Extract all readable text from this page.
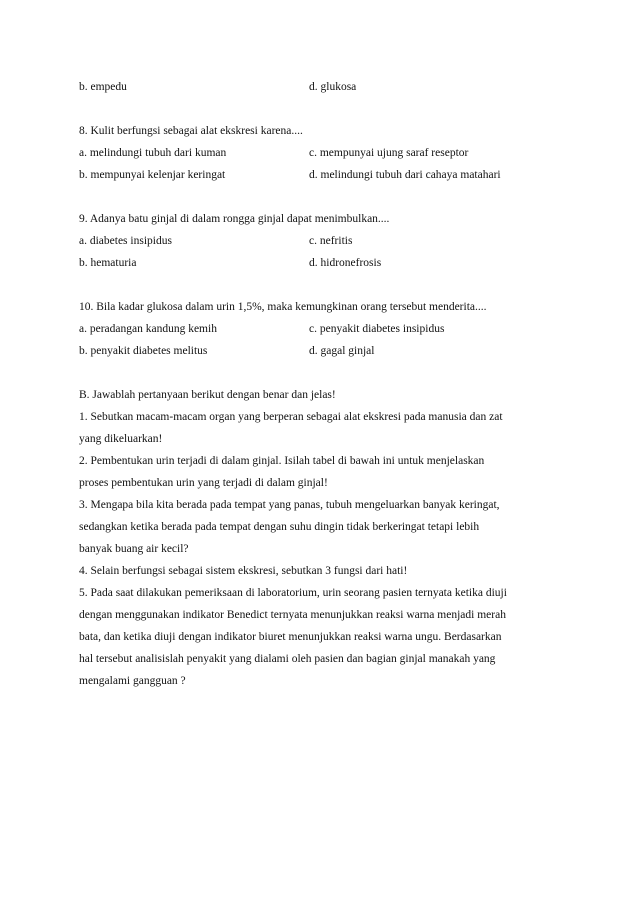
b. empedu	d. glukosa
8. Kulit berfungsi sebagai alat ekskresi karena....
a. melindungi tubuh dari kuman	c. mempunyai ujung saraf reseptor
b. mempunyai kelenjar keringat	d. melindungi tubuh dari cahaya matahari
9. Adanya batu ginjal di dalam rongga ginjal dapat menimbulkan....
a. diabetes insipidus	c. nefritis
b. hematuria	d. hidronefrosis
10. Bila kadar glukosa dalam urin 1,5%, maka kemungkinan orang tersebut menderita....
a. peradangan kandung kemih	c. penyakit diabetes insipidus
b. penyakit diabetes melitus	d. gagal ginjal
B. Jawablah pertanyaan berikut dengan benar dan jelas!
1. Sebutkan macam-macam organ yang berperan sebagai alat ekskresi pada manusia dan zat
yang dikeluarkan!
2. Pembentukan urin terjadi di dalam ginjal. Isilah tabel di bawah ini untuk menjelaskan
proses pembentukan urin yang terjadi di dalam ginjal!
3. Mengapa bila kita berada pada tempat yang panas, tubuh mengeluarkan banyak keringat,
sedangkan ketika berada pada tempat dengan suhu dingin tidak berkeringat tetapi lebih
banyak buang air kecil?
4. Selain berfungsi sebagai sistem ekskresi, sebutkan 3 fungsi dari hati!
5. Pada saat dilakukan pemeriksaan di laboratorium, urin seorang pasien ternyata ketika diuji
dengan menggunakan indikator Benedict ternyata menunjukkan reaksi warna menjadi merah
bata, dan ketika diuji dengan indikator biuret menunjukkan reaksi warna ungu. Berdasarkan
hal tersebut analisislah penyakit yang dialami oleh pasien dan bagian ginjal manakah yang
mengalami gangguan ?
